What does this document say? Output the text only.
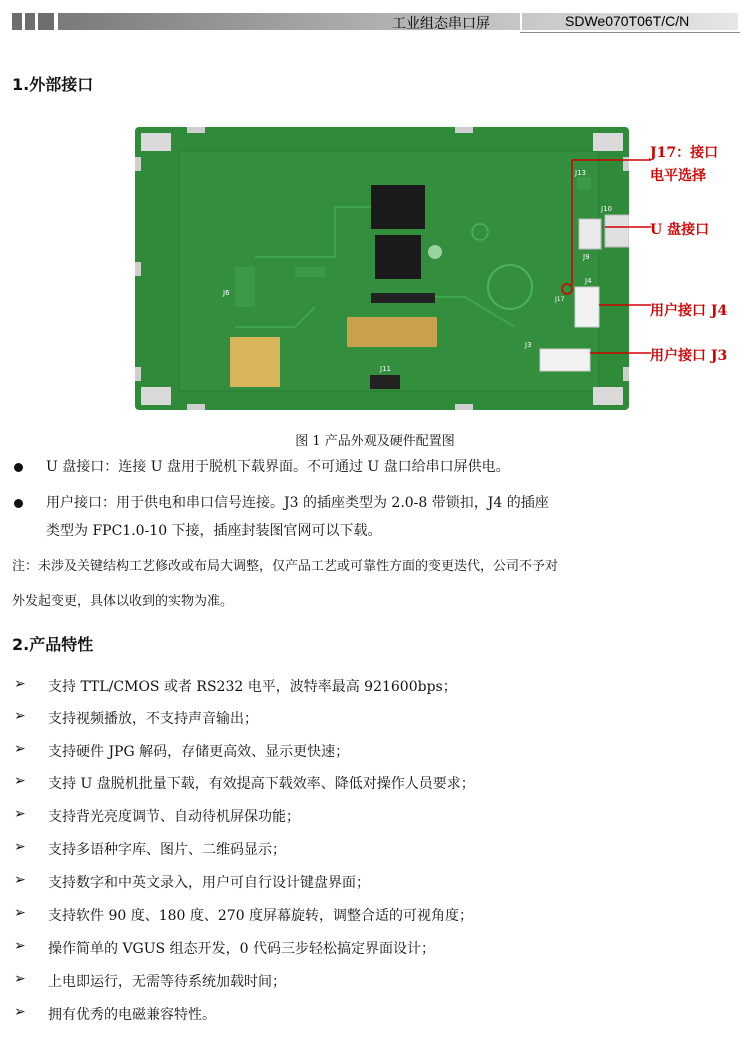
工业组态串口屏	SDWe070T06T/C/N
1.外部接口
J13
J10
J9
J4
J3
J11
J6
J17
J17：接口
电平选择
U 盘接口
用户接口 J4
用户接口 J3
图 1 产品外观及硬件配置图
U 盘接口：连接 U 盘用于脱机下载界面。不可通过 U 盘口给串口屏供电。
用户接口：用于供电和串口信号连接。J3 的插座类型为 2.0-8 带锁扣，J4 的插座
类型为 FPC1.0-10 下接，插座封装图官网可以下载。
注：未涉及关键结构工艺修改或布局大调整，仅产品工艺或可靠性方面的变更迭代，公司不予对
外发起变更，具体以收到的实物为准。
2.产品特性
➢ 支持 TTL/CMOS 或者 RS232 电平，波特率最高 921600bps；
➢ 支持视频播放，不支持声音输出；
➢ 支持硬件 JPG 解码，存储更高效、显示更快速；
➢ 支持 U 盘脱机批量下载，有效提高下载效率、降低对操作人员要求；
➢ 支持背光亮度调节、自动待机屏保功能；
➢ 支持多语种字库、图片、二维码显示；
➢ 支持数字和中英文录入，用户可自行设计键盘界面；
➢ 支持软件 90 度、180 度、270 度屏幕旋转，调整合适的可视角度；
➢ 操作简单的 VGUS 组态开发，0 代码三步轻松搞定界面设计；
➢ 上电即运行，无需等待系统加载时间；
➢ 拥有优秀的电磁兼容特性。
